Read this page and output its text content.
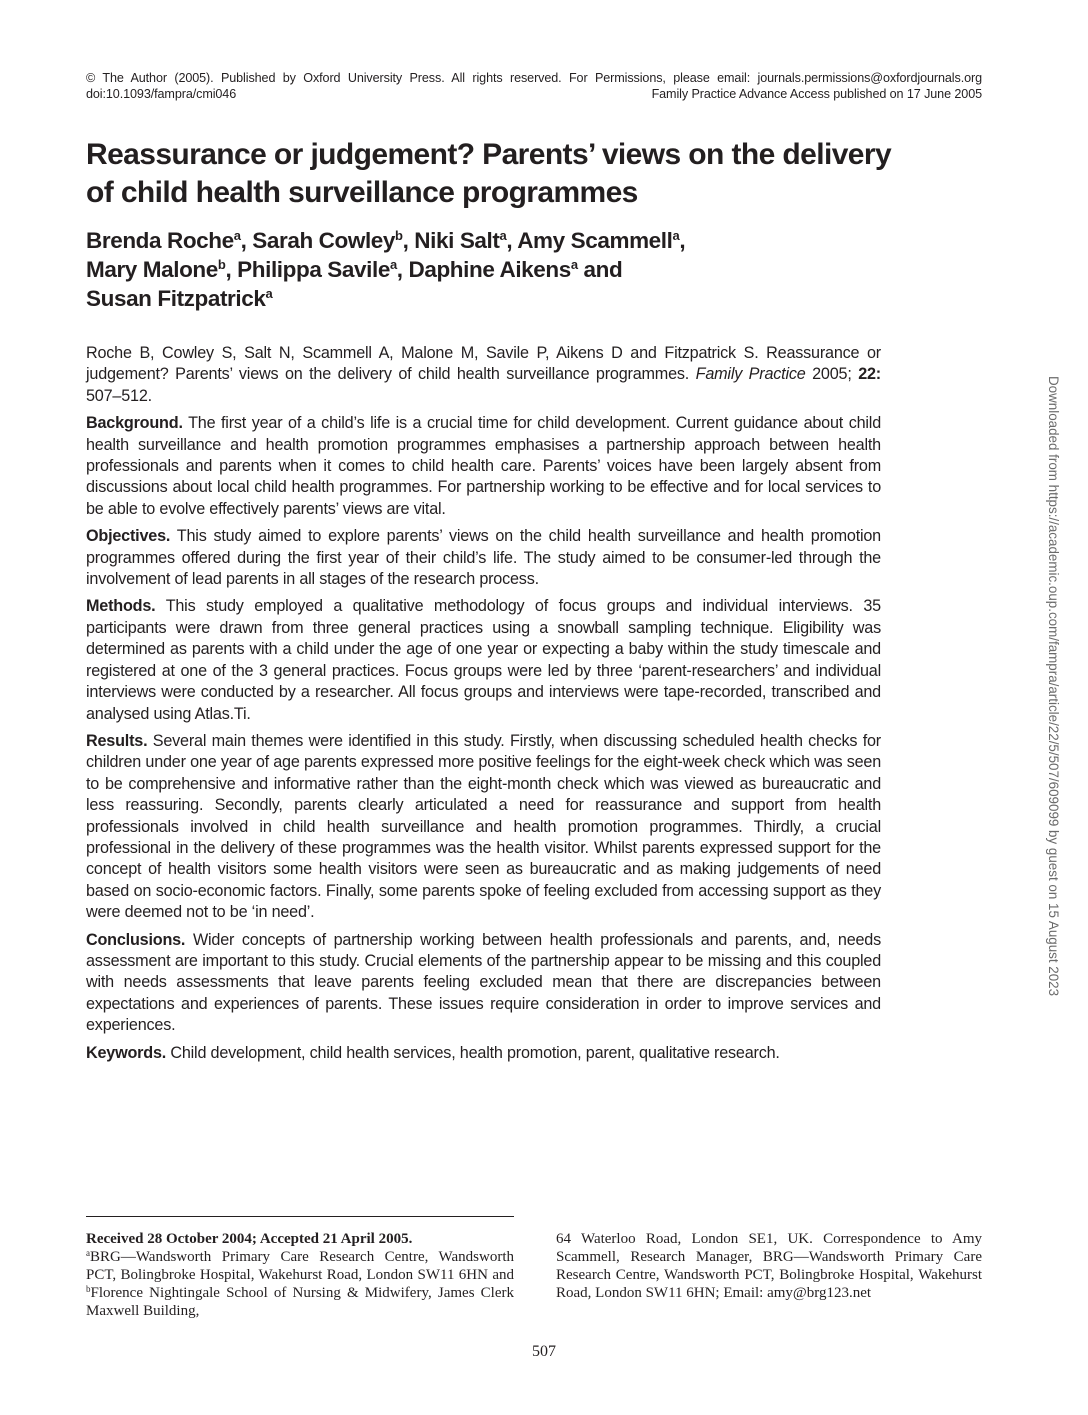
© The Author (2005). Published by Oxford University Press. All rights reserved. For Permissions, please email: journals.permissions@oxfordjournals.org
doi:10.1093/fampra/cmi046	Family Practice Advance Access published on 17 June 2005
Reassurance or judgement? Parents’ views on the delivery of child health surveillance programmes
Brenda Roche$^a$, Sarah Cowley$^b$, Niki Salt$^a$, Amy Scammell$^a$,
Mary Malone$^b$, Philippa Savile$^a$, Daphine Aikens$^a$ and
Susan Fitzpatrick$^a$

Roche B, Cowley S, Salt N, Scammell A, Malone M, Savile P, Aikens D and Fitzpatrick S. Reassurance or judgement? Parents’ views on the delivery of child health surveillance programmes. Family Practice 2005; 22: 507–512.

Background. The first year of a child’s life is a crucial time for child development. Current guidance about child health surveillance and health promotion programmes emphasises a partnership approach between health professionals and parents when it comes to child health care. Parents’ voices have been largely absent from discussions about local child health programmes. For partnership working to be effective and for local services to be able to evolve effectively parents’ views are vital.

Objectives. This study aimed to explore parents’ views on the child health surveillance and health promotion programmes offered during the first year of their child’s life. The study aimed to be consumer-led through the involvement of lead parents in all stages of the research process.

Methods. This study employed a qualitative methodology of focus groups and individual interviews. 35 participants were drawn from three general practices using a snowball sampling technique. Eligibility was determined as parents with a child under the age of one year or expecting a baby within the study timescale and registered at one of the 3 general practices. Focus groups were led by three ‘parent-researchers’ and individual interviews were conducted by a researcher. All focus groups and interviews were tape-recorded, transcribed and analysed using Atlas.Ti.

Results. Several main themes were identified in this study. Firstly, when discussing scheduled health checks for children under one year of age parents expressed more positive feelings for the eight-week check which was seen to be comprehensive and informative rather than the eight-month check which was viewed as bureaucratic and less reassuring. Secondly, parents clearly articulated a need for reassurance and support from health professionals involved in child health surveillance and health promotion programmes. Thirdly, a crucial professional in the delivery of these programmes was the health visitor. Whilst parents expressed support for the concept of health visitors some health visitors were seen as bureaucratic and as making judgements of need based on socio-economic factors. Finally, some parents spoke of feeling excluded from accessing support as they were deemed not to be ‘in need’.

Conclusions. Wider concepts of partnership working between health professionals and parents, and, needs assessment are important to this study. Crucial elements of the partnership appear to be missing and this coupled with needs assessments that leave parents feeling excluded mean that there are discrepancies between expectations and experiences of parents. These issues require consideration in order to improve services and experiences.

Keywords. Child development, child health services, health promotion, parent, qualitative research.

Received 28 October 2004; Accepted 21 April 2005.
$^a$BRG—Wandsworth Primary Care Research Centre, Wandsworth PCT, Bolingbroke Hospital, Wakehurst Road, London SW11 6HN and $^b$Florence Nightingale School of Nursing & Midwifery, James Clerk Maxwell Building,
64 Waterloo Road, London SE1, UK. Correspondence to Amy Scammell, Research Manager, BRG—Wandsworth Primary Care Research Centre, Wandsworth PCT, Bolingbroke Hospital, Wakehurst Road, London SW11 6HN; Email: amy@brg123.net
507
Downloaded from https://academic.oup.com/fampra/article/22/5/507/609099 by guest on 15 August 2023
